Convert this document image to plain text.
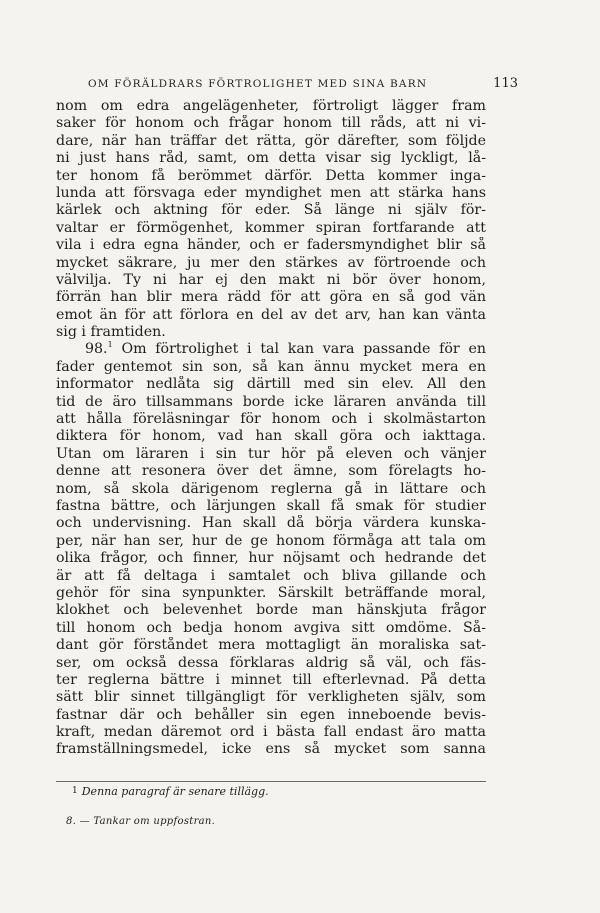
OM FÖRÄLDRARS FÖRTROLIGHET MED SINA BARN	113
nom om edra angelägenheter, förtroligt lägger fram
saker för honom och frågar honom till råds, att ni vi-
dare, när han träffar det rätta, gör därefter, som följde
ni just hans råd, samt, om detta visar sig lyckligt, lå-
ter honom få berömmet därför. Detta kommer inga-
lunda att försvaga eder myndighet men att stärka hans
kärlek och aktning för eder. Så länge ni själv för-
valtar er förmögenhet, kommer spiran fortfarande att
vila i edra egna händer, och er fadersmyndighet blir så
mycket säkrare, ju mer den stärkes av förtroende och
välvilja. Ty ni har ej den makt ni bör över honom,
förrän han blir mera rädd för att göra en så god vän
emot än för att förlora en del av det arv, han kan vänta
sig i framtiden.
98.$^1$ Om förtrolighet i tal kan vara passande för en
fader gentemot sin son, så kan ännu mycket mera en
informator nedlåta sig därtill med sin elev. All den
tid de äro tillsammans borde icke läraren använda till
att hålla föreläsningar för honom och i skolmästarton
diktera för honom, vad han skall göra och iakttaga.
Utan om läraren i sin tur hör på eleven och vänjer
denne att resonera över det ämne, som förelagts ho-
nom, så skola därigenom reglerna gå in lättare och
fastna bättre, och lärjungen skall få smak för studier
och undervisning. Han skall då börja värdera kunska-
per, när han ser, hur de ge honom förmåga att tala om
olika frågor, och finner, hur nöjsamt och hedrande det
är att få deltaga i samtalet och bliva gillande och
gehör för sina synpunkter. Särskilt beträffande moral,
klokhet och belevenhet borde man hänskjuta frågor
till honom och bedja honom avgiva sitt omdöme. Så-
dant gör förståndet mera mottagligt än moraliska sat-
ser, om också dessa förklaras aldrig så väl, och fäs-
ter reglerna bättre i minnet till efterlevnad. På detta
sätt blir sinnet tillgängligt för verkligheten själv, som
fastnar där och behåller sin egen inneboende bevis-
kraft, medan däremot ord i bästa fall endast äro matta
framställningsmedel, icke ens så mycket som sanna
1 Denna paragraf är senare tillägg.
8. — Tankar om uppfostran.
